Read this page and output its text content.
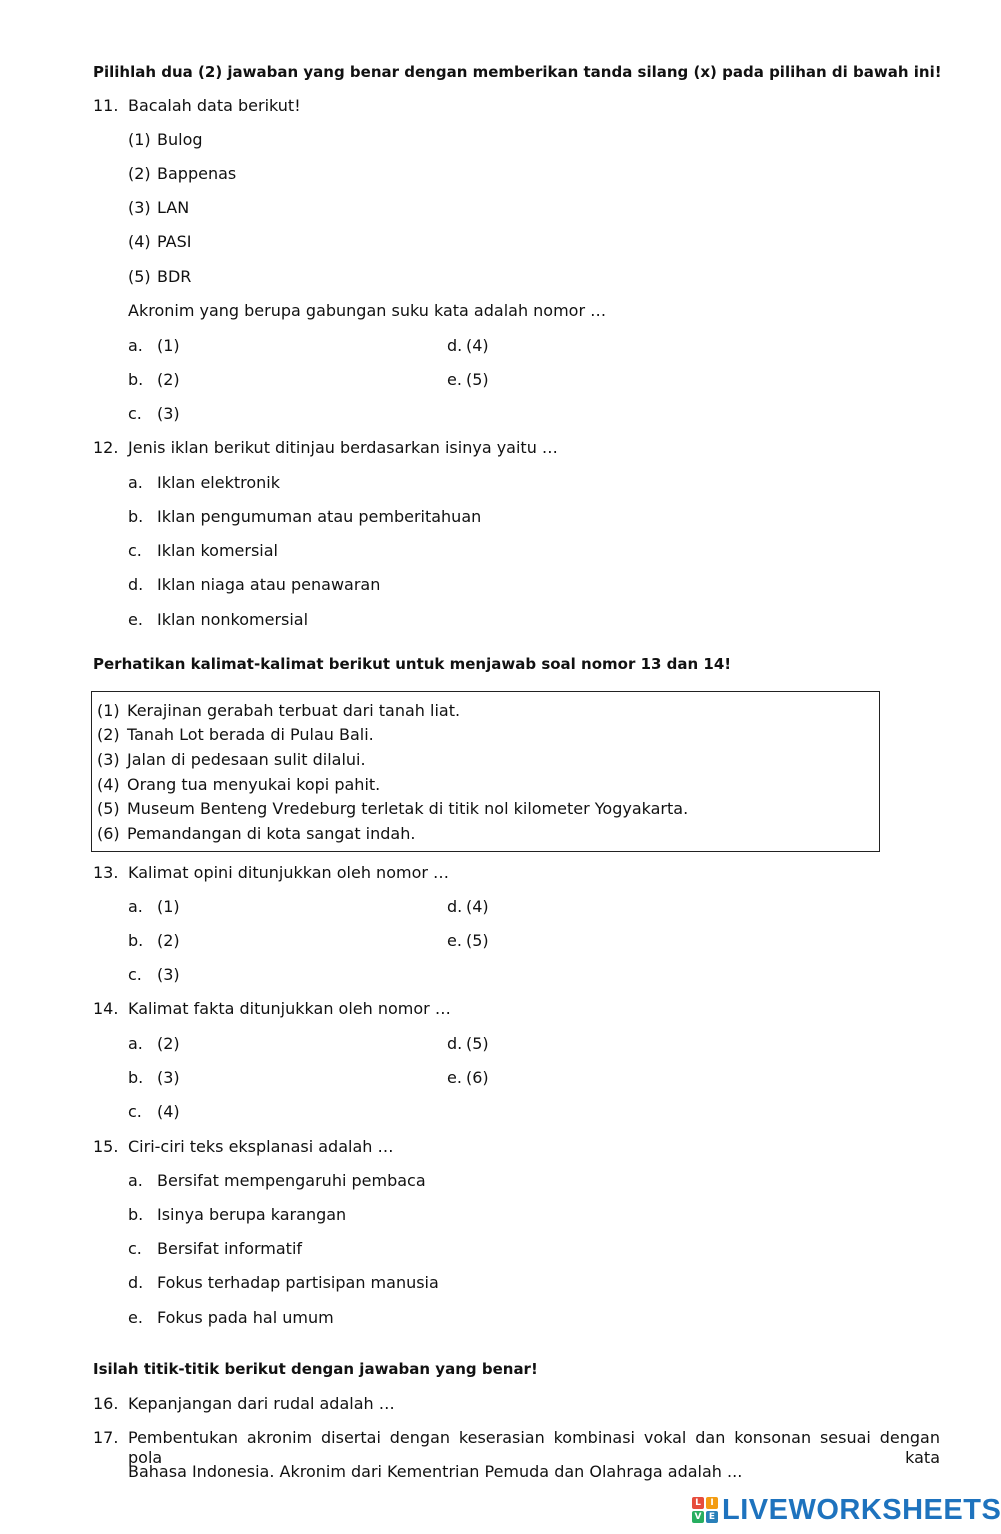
Pilihlah dua (2) jawaban yang benar dengan memberikan tanda silang (x) pada pilihan di bawah ini!
11. Bacalah data berikut!
(1) Bulog
(2) Bappenas
(3) LAN
(4) PASI
(5) BDR
Akronim yang berupa gabungan suku kata adalah nomor …
a. (1)
b. (2)
c. (3)
d. (4)
e. (5)
12. Jenis iklan berikut ditinjau berdasarkan isinya yaitu …
a. Iklan elektronik
b. Iklan pengumuman atau pemberitahuan
c. Iklan komersial
d. Iklan niaga atau penawaran
e. Iklan nonkomersial
Perhatikan kalimat-kalimat berikut untuk menjawab soal nomor 13 dan 14!
(1) Kerajinan gerabah terbuat dari tanah liat.
(2) Tanah Lot berada di Pulau Bali.
(3) Jalan di pedesaan sulit dilalui.
(4) Orang tua menyukai kopi pahit.
(5) Museum Benteng Vredeburg terletak di titik nol kilometer Yogyakarta.
(6) Pemandangan di kota sangat indah.
13. Kalimat opini ditunjukkan oleh nomor …
a. (1)
b. (2)
c. (3)
d. (4)
e. (5)
14. Kalimat fakta ditunjukkan oleh nomor …
a. (2)
b. (3)
c. (4)
d. (5)
e. (6)
15. Ciri-ciri teks eksplanasi adalah …
a. Bersifat mempengaruhi pembaca
b. Isinya berupa karangan
c. Bersifat informatif
d. Fokus terhadap partisipan manusia
e. Fokus pada hal umum
Isilah titik-titik berikut dengan jawaban yang benar!
16. Kepanjangan dari rudal adalah …
17. Pembentukan akronim disertai dengan keserasian kombinasi vokal dan konsonan sesuai dengan pola kata
Bahasa Indonesia. Akronim dari Kementrian Pemuda dan Olahraga adalah ...
L	I
V E LIVEWORKSHEETS
